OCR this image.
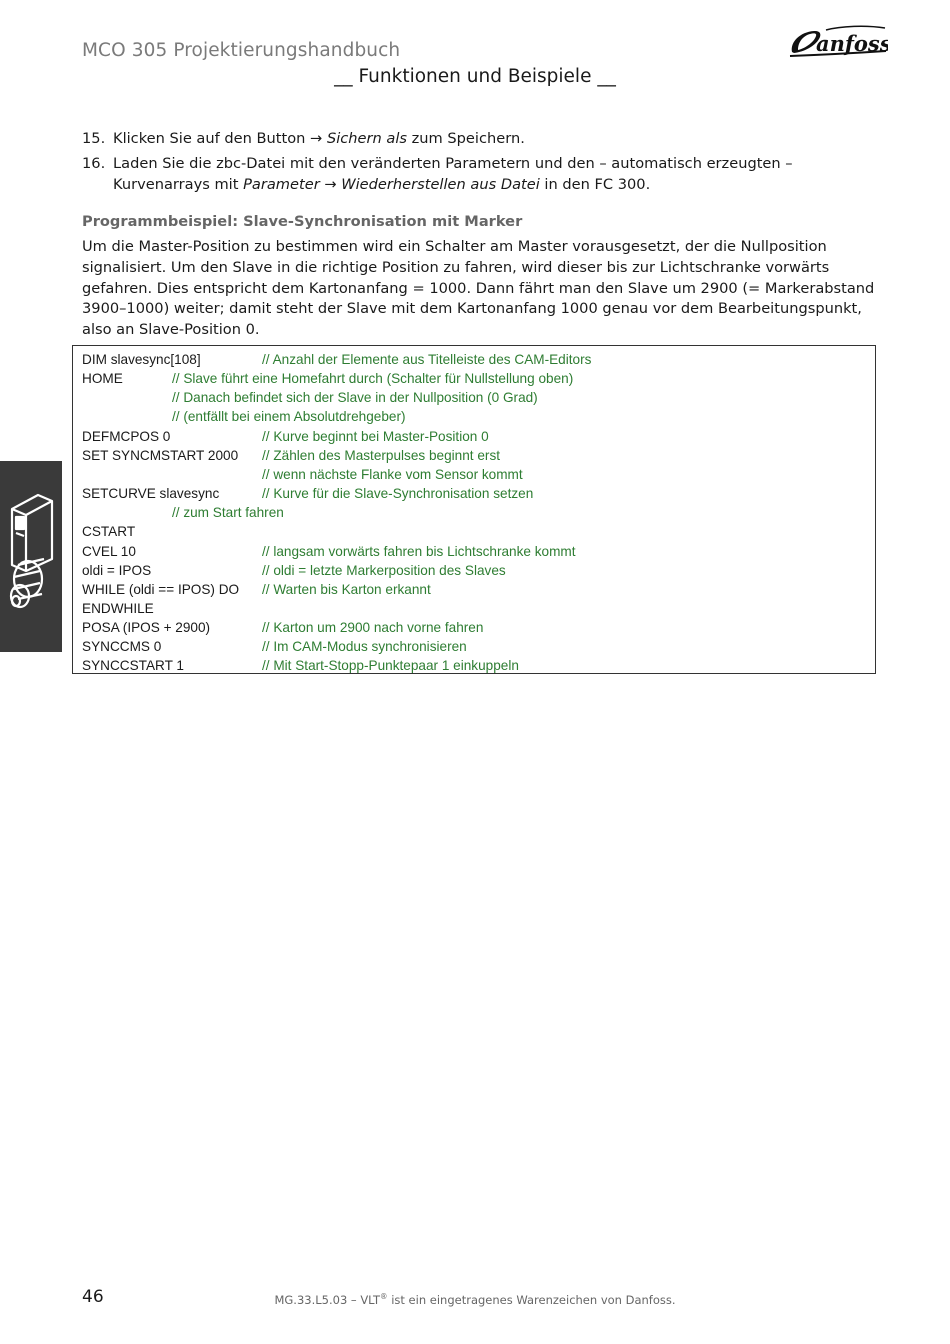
MCO 305 Projektierungshandbuch	anfoss
__ Funktionen und Beispiele __
15. Klicken Sie auf den Button → Sichern als zum Speichern.
16. Laden Sie die zbc-Datei mit den veränderten Parametern und den – automatisch erzeugten – Kurvenarrays mit Parameter → Wiederherstellen aus Datei in den FC 300.
Programmbeispiel: Slave-Synchronisation mit Marker
Um die Master-Position zu bestimmen wird ein Schalter am Master vorausgesetzt, der die Nullposition signalisiert. Um den Slave in die richtige Position zu fahren, wird dieser bis zur Lichtschranke vorwärts gefahren. Dies entspricht dem Kartonanfang = 1000. Dann fährt man den Slave um 2900 (= Markerabstand 3900–1000) weiter; damit steht der Slave mit dem Kartonanfang 1000 genau vor dem Bearbeitungspunkt, also an Slave-Position 0.
DIM slavesync[108]	// Anzahl der Elemente aus Titelleiste des CAM-Editors
HOME	// Slave führt eine Homefahrt durch (Schalter für Nullstellung oben)
// Danach befindet sich der Slave in der Nullposition (0 Grad)
// (entfällt bei einem Absolutdrehgeber)
DEFMCPOS 0	// Kurve beginnt bei Master-Position 0
SET SYNCMSTART 2000 // Zählen des Masterpulses beginnt erst
// wenn nächste Flanke vom Sensor kommt
SETCURVE slavesync	// Kurve für die Slave-Synchronisation setzen
// zum Start fahren
CSTART
CVEL 10	// langsam vorwärts fahren bis Lichtschranke kommt
oldi = IPOS	// oldi = letzte Markerposition des Slaves
WHILE (oldi == IPOS) DO // Warten bis Karton erkannt
ENDWHILE
POSA (IPOS + 2900)	// Karton um 2900 nach vorne fahren
SYNCCMS 0	// Im CAM-Modus synchronisieren
SYNCCSTART 1	// Mit Start-Stopp-Punktepaar 1 einkuppeln
46	MG.33.L5.03 – VLT® ist ein eingetragenes Warenzeichen von Danfoss.
